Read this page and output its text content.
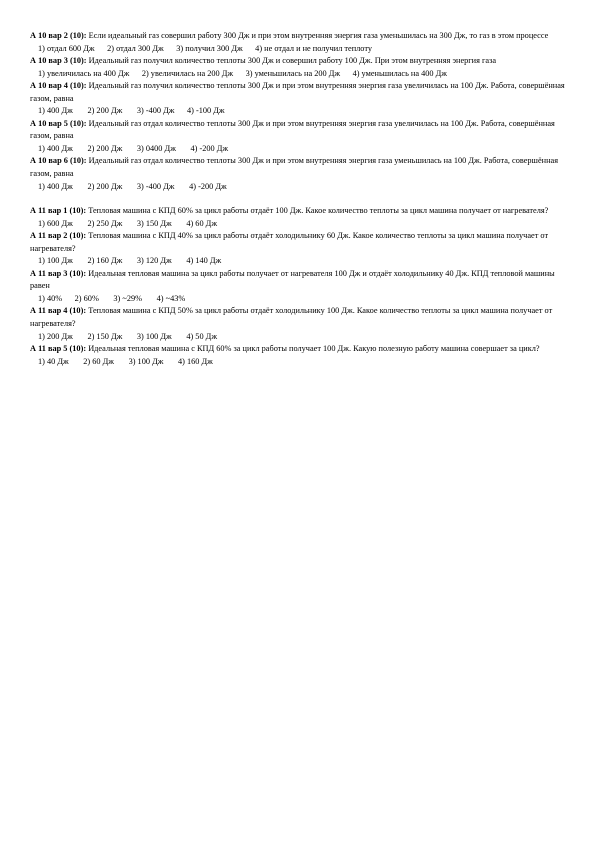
А 10 вар 2 (10): Если идеальный газ совершил работу 300 Дж и при этом внутренняя энергия газа уменьшилась на 300 Дж, то газ в этом процессе
1) отдал 600 Дж 2) отдал 300 Дж 3) получил 300 Дж 4) не отдал и не получил теплоту
А 10 вар 3 (10): Идеальный газ получил количество теплоты 300 Дж и совершил работу 100 Дж. При этом внутренняя энергия газа
1) увеличилась на 400 Дж 2) увеличилась на 200 Дж 3) уменьшилась на 200 Дж 4) уменьшилась на 400 Дж
А 10 вар 4 (10): Идеальный газ получил количество теплоты 300 Дж и при этом внутренняя энергия газа увеличилась на 100 Дж. Работа, совершённая газом, равна
1) 400 Дж 2) 200 Дж 3) -400 Дж 4) -100 Дж
А 10 вар 5 (10): Идеальный газ отдал количество теплоты 300 Дж и при этом внутренняя энергия газа увеличилась на 100 Дж. Работа, совершённая газом, равна
1) 400 Дж 2) 200 Дж 3) 0400 Дж 4) -200 Дж
А 10 вар 6 (10): Идеальный газ отдал количество теплоты 300 Дж и при этом внутренняя энергия газа уменьшилась на 100 Дж. Работа, совершённая газом, равна
1) 400 Дж 2) 200 Дж 3) -400 Дж 4) -200 Дж
А 11 вар 1 (10): Тепловая машина с КПД 60% за цикл работы отдаёт 100 Дж. Какое количество теплоты за цикл машина получает от нагревателя?
1) 600 Дж 2) 250 Дж 3) 150 Дж 4) 60 Дж
А 11 вар 2 (10): Тепловая машина с КПД 40% за цикл работы отдаёт холодильнику 60 Дж. Какое количество теплоты за цикл машина получает от нагревателя?
1) 100 Дж 2) 160 Дж 3) 120 Дж 4) 140 Дж
А 11 вар 3 (10): Идеальная тепловая машина за цикл работы получает от нагревателя 100 Дж и отдаёт холодильнику 40 Дж. КПД тепловой машины равен
1) 40% 2) 60% 3) ~29% 4) ~43%
А 11 вар 4 (10): Тепловая машина с КПД 50% за цикл работы отдаёт холодильнику 100 Дж. Какое количество теплоты за цикл машина получает от нагревателя?
1) 200 Дж 2) 150 Дж 3) 100 Дж 4) 50 Дж
А 11 вар 5 (10): Идеальная тепловая машина с КПД 60% за цикл работы получает 100 Дж. Какую полезную работу машина совершает за цикл?
1) 40 Дж 2) 60 Дж 3) 100 Дж 4) 160 Дж
